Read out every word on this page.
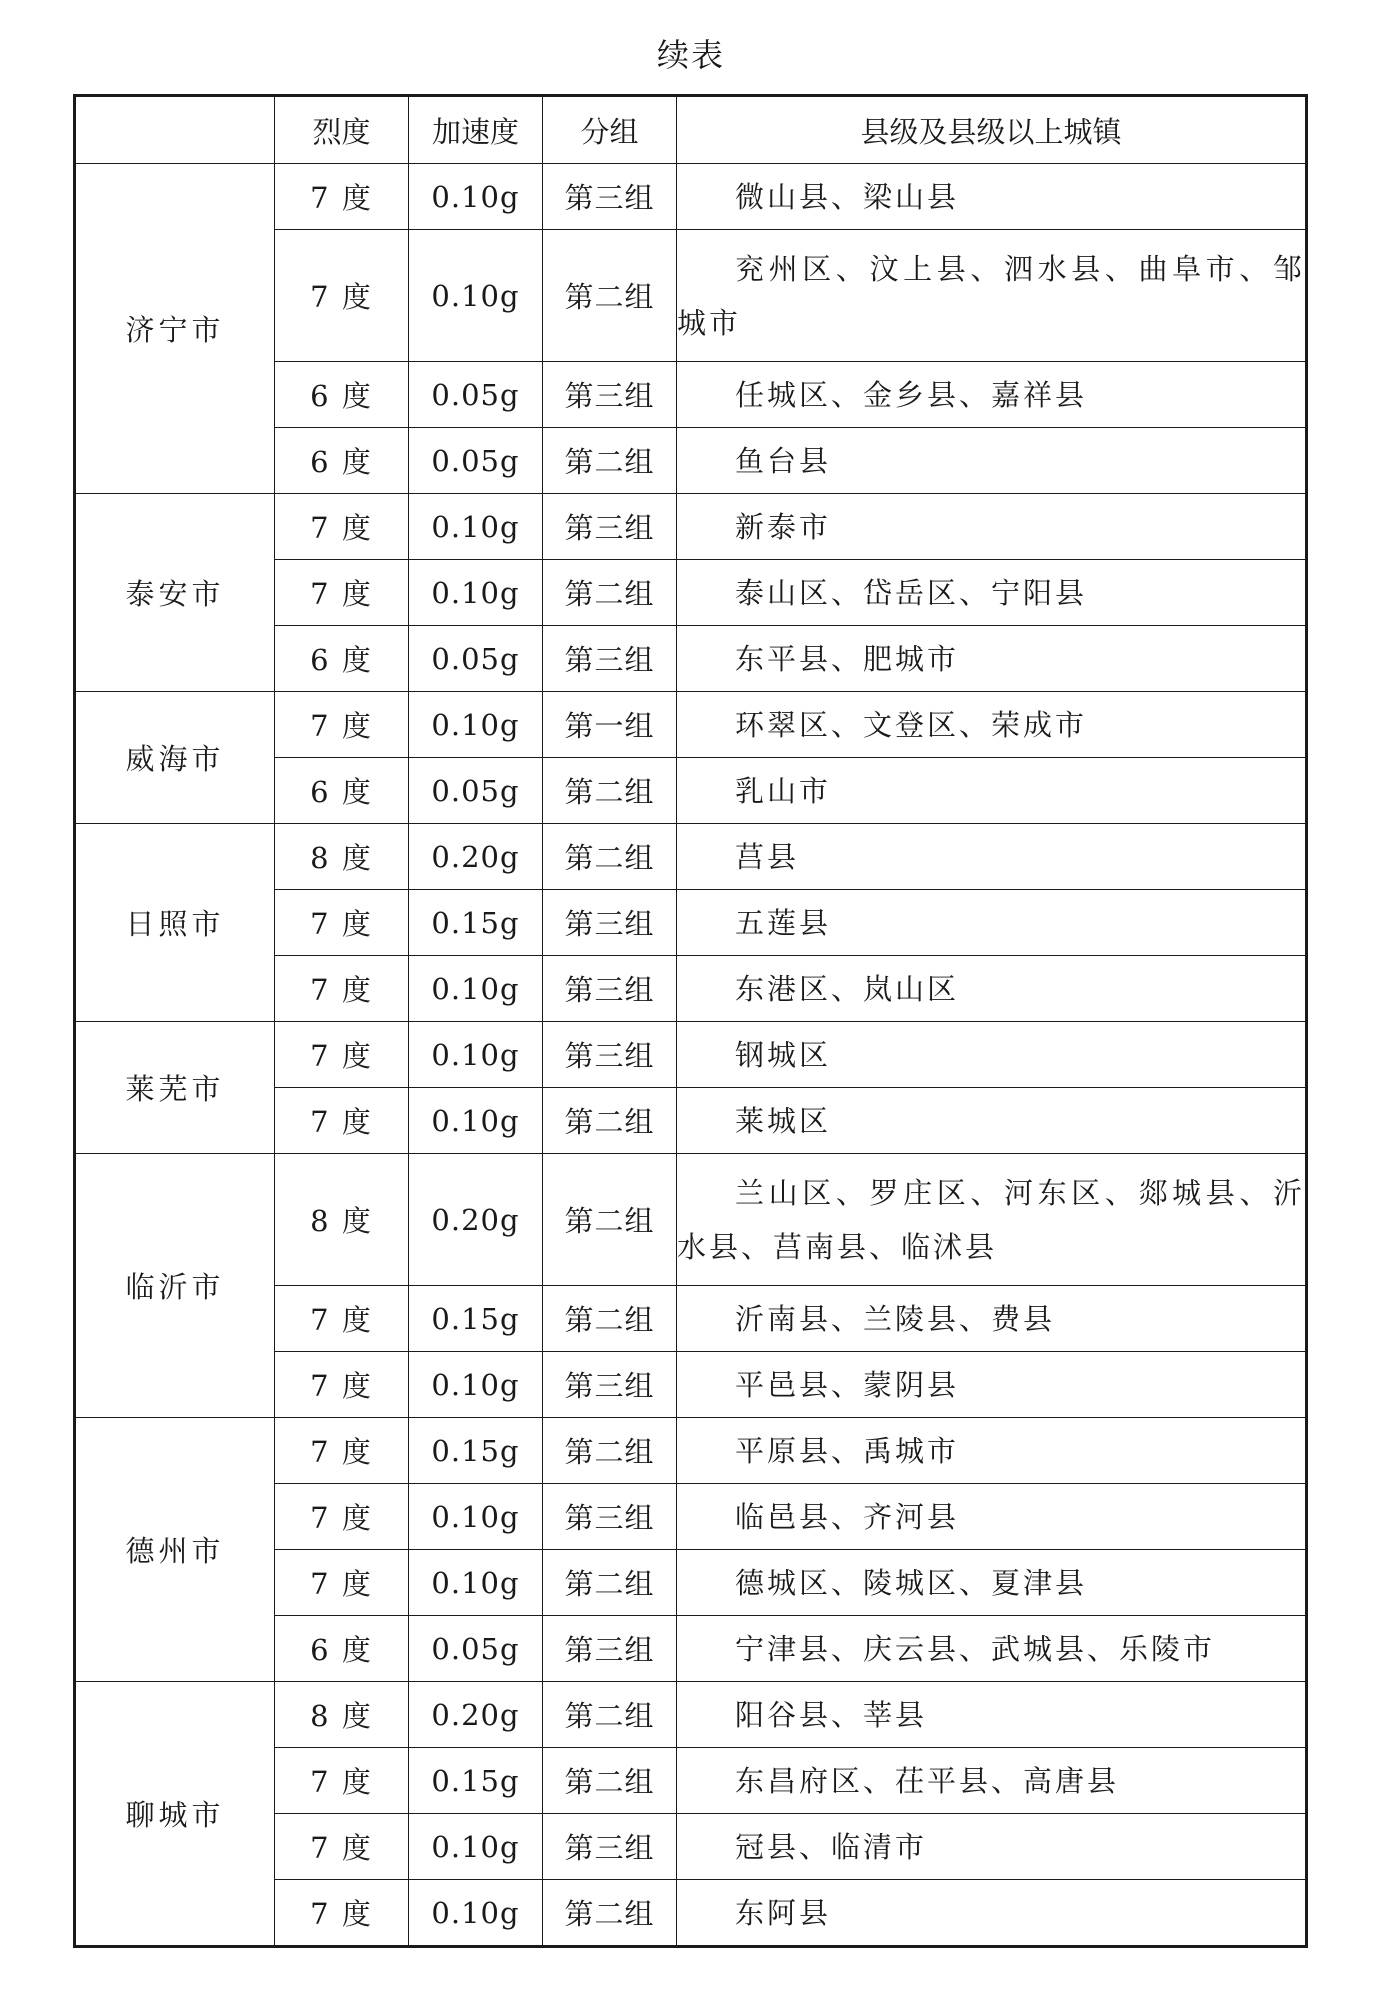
续表
	烈度	加速度	分组	县级及县级以上城镇
济宁市	7 度	0.10g	第三组	微山县、梁山县
	7 度	0.10g	第二组	兖州区、汶上县、泗水县、曲阜市、邹城市
	6 度	0.05g	第三组	任城区、金乡县、嘉祥县
	6 度	0.05g	第二组	鱼台县
泰安市	7 度	0.10g	第三组	新泰市
	7 度	0.10g	第二组	泰山区、岱岳区、宁阳县
	6 度	0.05g	第三组	东平县、肥城市
威海市	7 度	0.10g	第一组	环翠区、文登区、荣成市
	6 度	0.05g	第二组	乳山市
日照市	8 度	0.20g	第二组	莒县
	7 度	0.15g	第三组	五莲县
	7 度	0.10g	第三组	东港区、岚山区
莱芜市	7 度	0.10g	第三组	钢城区
	7 度	0.10g	第二组	莱城区
临沂市	8 度	0.20g	第二组	兰山区、罗庄区、河东区、郯城县、沂水县、莒南县、临沭县
	7 度	0.15g	第二组	沂南县、兰陵县、费县
	7 度	0.10g	第三组	平邑县、蒙阴县
德州市	7 度	0.15g	第二组	平原县、禹城市
	7 度	0.10g	第三组	临邑县、齐河县
	7 度	0.10g	第二组	德城区、陵城区、夏津县
	6 度	0.05g	第三组	宁津县、庆云县、武城县、乐陵市
聊城市	8 度	0.20g	第二组	阳谷县、莘县
	7 度	0.15g	第二组	东昌府区、茌平县、高唐县
	7 度	0.10g	第三组	冠县、临清市
	7 度	0.10g	第二组	东阿县
